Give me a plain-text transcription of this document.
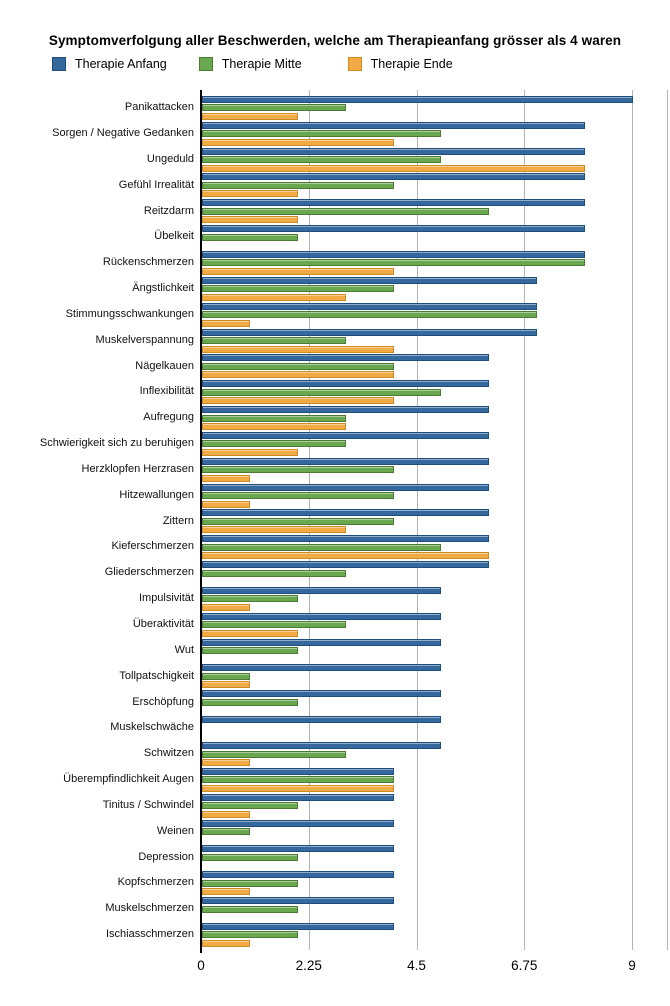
Symptomverfolgung aller Beschwerden, welche am Therapieanfang grösser als 4 waren
Therapie Anfang	Therapie Mitte	Therapie Ende
0	2.25	4.5	6.75	9
Panikattacken
Sorgen / Negative Gedanken
Ungeduld
Gefühl Irrealität
Reitzdarm
Übelkeit
Rückenschmerzen
Ängstlichkeit
Stimmungsschwankungen
Muskelverspannung
Nägelkauen
Inflexibilität
Aufregung
Schwierigkeit sich zu beruhigen
Herzklopfen Herzrasen
Hitzewallungen
Zittern
Kieferschmerzen
Gliederschmerzen
Impulsivität
Überaktivität
Wut
Tollpatschigkeit
Erschöpfung
Muskelschwäche
Schwitzen
Überempfindlichkeit Augen
Tinitus / Schwindel
Weinen
Depression
Kopfschmerzen
Muskelschmerzen
Ischiasschmerzen
